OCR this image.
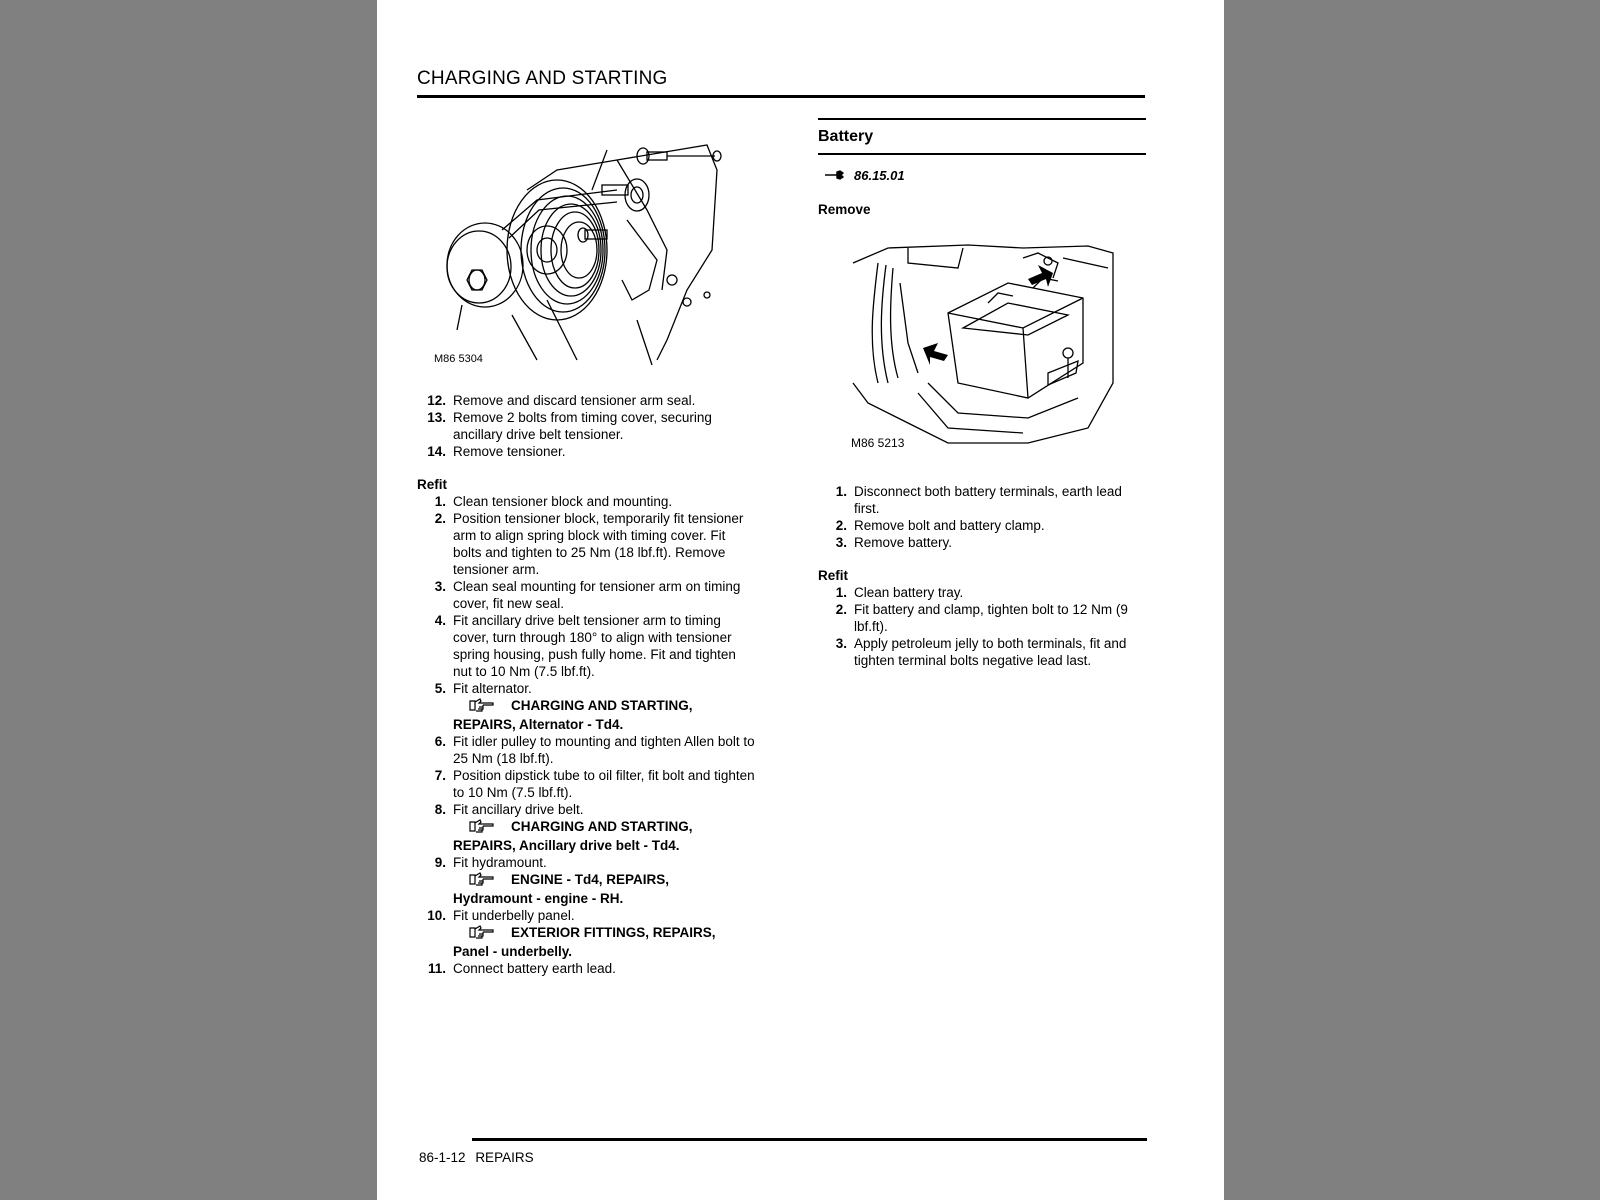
CHARGING AND STARTING
M86 5304
12. Remove and discard tensioner arm seal.
13. Remove 2 bolts from timing cover, securing ancillary drive belt tensioner.
14. Remove tensioner.
Refit
1. Clean tensioner block and mounting.
2. Position tensioner block, temporarily fit tensioner arm to align spring block with timing cover. Fit bolts and tighten to 25 Nm (18 lbf.ft). Remove tensioner arm.
3. Clean seal mounting for tensioner arm on timing cover, fit new seal.
4. Fit ancillary drive belt tensioner arm to timing cover, turn through 180° to align with tensioner spring housing, push fully home. Fit and tighten nut to 10 Nm (7.5 lbf.ft).
5. Fit alternator.
CHARGING AND STARTING,
REPAIRS, Alternator - Td4.
6. Fit idler pulley to mounting and tighten Allen bolt to 25 Nm (18 lbf.ft).
7. Position dipstick tube to oil filter, fit bolt and tighten to 10 Nm (7.5 lbf.ft).
8. Fit ancillary drive belt.
CHARGING AND STARTING,
REPAIRS, Ancillary drive belt - Td4.
9. Fit hydramount.
ENGINE - Td4, REPAIRS,
Hydramount - engine - RH.
10. Fit underbelly panel.
EXTERIOR FITTINGS, REPAIRS,
Panel - underbelly.
11. Connect battery earth lead.
Battery
86.15.01
Remove
M86 5213
1. Disconnect both battery terminals, earth lead first.
2. Remove bolt and battery clamp.
3. Remove battery.
Refit
1. Clean battery tray.
2. Fit battery and clamp, tighten bolt to 12 Nm (9 lbf.ft).
3. Apply petroleum jelly to both terminals, fit and tighten terminal bolts negative lead last.
86-1-12 REPAIRS
